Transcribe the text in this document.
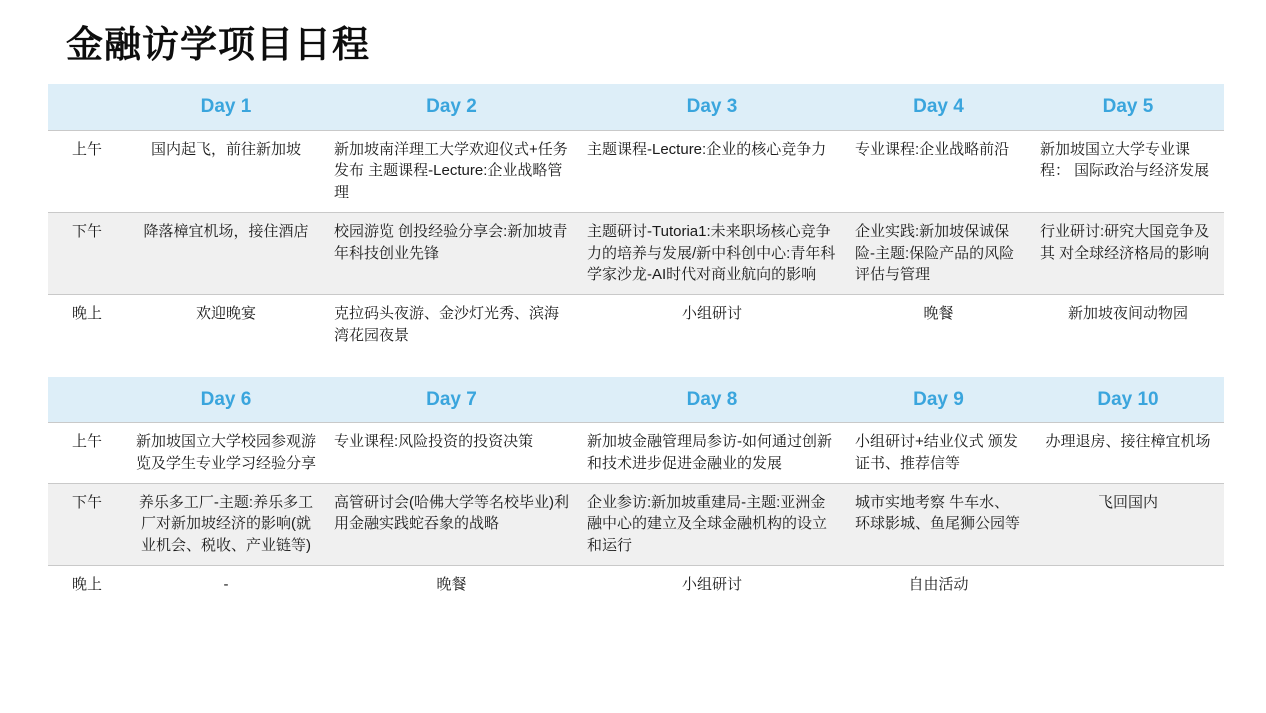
金融访学项目日程
	Day 1	Day 2	Day 3	Day 4	Day 5
上午	国内起飞，前往新加坡	新加坡南洋理工大学欢迎仪式+任务发布 主题课程-Lecture:企业战略管理	主题课程-Lecture:企业的核心竞争力	专业课程:企业战略前沿	新加坡国立大学专业课程： 国际政治与经济发展
下午	降落樟宜机场，接住酒店	校园游览 创投经验分享会:新加坡青年科技创业先锋	主题研讨-Tutoria1:未来职场核心竞争力的培养与发展/新中科创中心:青年科学家沙龙-AI时代对商业航向的影响	企业实践:新加坡保诚保险-主题:保险产品的风险评估与管理	行业研讨:研究大国竞争及其 对全球经济格局的影响
晚上	欢迎晚宴	克拉码头夜游、金沙灯光秀、滨海湾花园夜景	小组研讨	晚餐	新加坡夜间动物园

	Day 6	Day 7	Day 8	Day 9	Day 10
上午	新加坡国立大学校园参观游览及学生专业学习经验分享	专业课程:风险投资的投资决策	新加坡金融管理局参访-如何通过创新和技术进步促进金融业的发展	小组研讨+结业仪式 颁发证书、推荐信等	办理退房、接往樟宜机场
下午	养乐多工厂-主题:养乐多工厂对新加坡经济的影响(就业机会、税收、产业链等)	高管研讨会(哈佛大学等名校毕业)利用金融实践蛇吞象的战略	企业参访:新加坡重建局-主题:亚洲金融中心的建立及全球金融机构的设立和运行	城市实地考察 牛车水、环球影城、鱼尾狮公园等	飞回国内
晚上	-	晚餐	小组研讨	自由活动	
